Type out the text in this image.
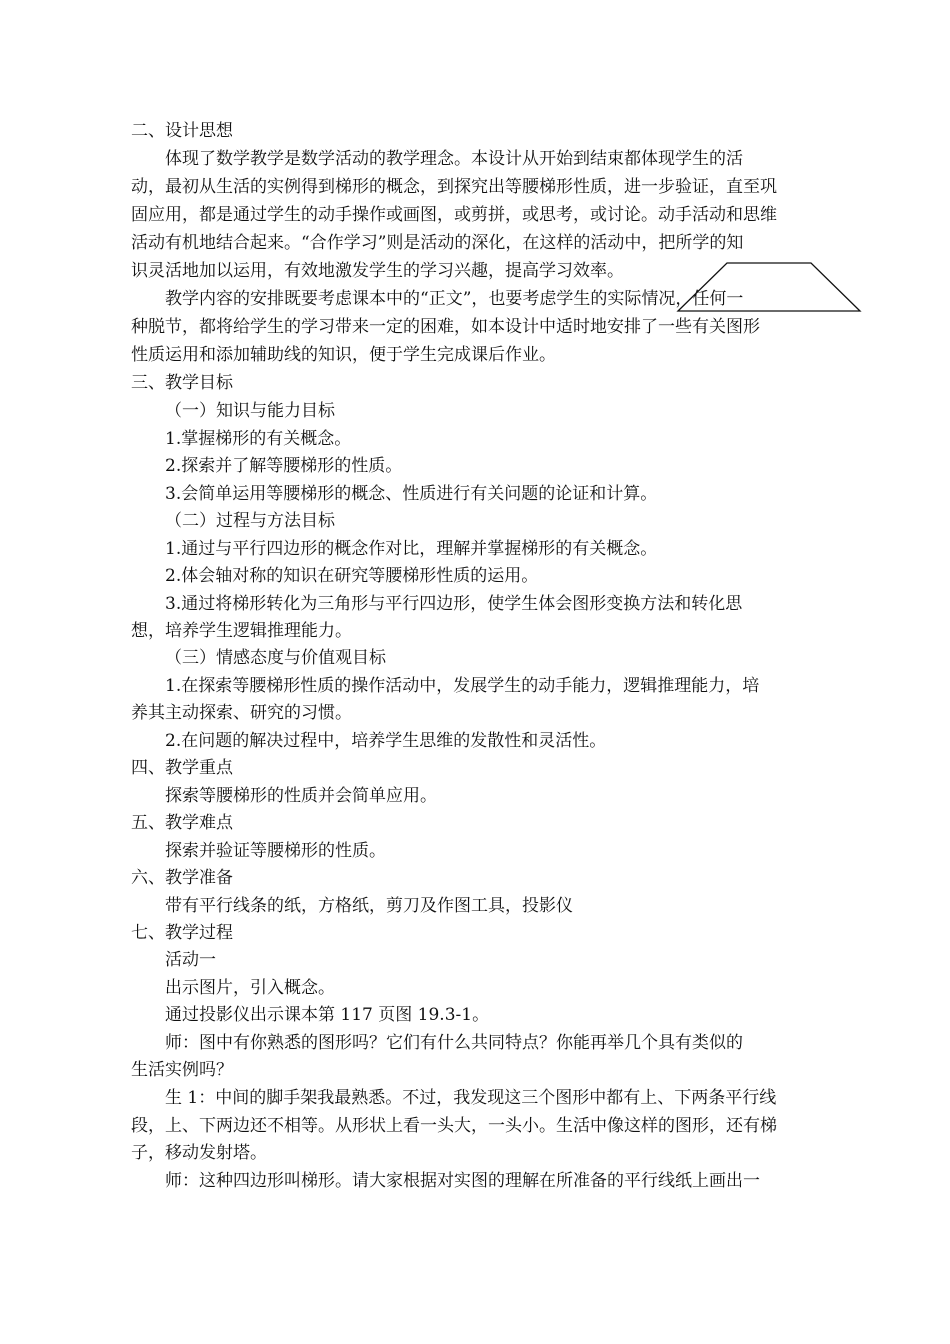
二、设计思想
体现了数学教学是数学活动的教学理念。本设计从开始到结束都体现学生的活
动，最初从生活的实例得到梯形的概念，到探究出等腰梯形性质，进一步验证，直至巩
固应用，都是通过学生的动手操作或画图，或剪拼，或思考，或讨论。动手活动和思维
活动有机地结合起来。“合作学习”则是活动的深化，在这样的活动中，把所学的知
识灵活地加以运用，有效地激发学生的学习兴趣，提高学习效率。
教学内容的安排既要考虑课本中的“正文”，也要考虑学生的实际情况，任何一
种脱节，都将给学生的学习带来一定的困难，如本设计中适时地安排了一些有关图形
性质运用和添加辅助线的知识，便于学生完成课后作业。
三、教学目标
（一）知识与能力目标
1.掌握梯形的有关概念。
2.探索并了解等腰梯形的性质。
3.会简单运用等腰梯形的概念、性质进行有关问题的论证和计算。
（二）过程与方法目标
1.通过与平行四边形的概念作对比，理解并掌握梯形的有关概念。
2.体会轴对称的知识在研究等腰梯形性质的运用。
3.通过将梯形转化为三角形与平行四边形，使学生体会图形变换方法和转化思
想，培养学生逻辑推理能力。
（三）情感态度与价值观目标
1.在探索等腰梯形性质的操作活动中，发展学生的动手能力，逻辑推理能力，培
养其主动探索、研究的习惯。
2.在问题的解决过程中，培养学生思维的发散性和灵活性。
四、教学重点
探索等腰梯形的性质并会简单应用。
五、教学难点
探索并验证等腰梯形的性质。
六、教学准备
带有平行线条的纸，方格纸，剪刀及作图工具，投影仪
七、教学过程
活动一
出示图片，引入概念。
通过投影仪出示课本第 117 页图 19.3-1。
师：图中有你熟悉的图形吗？它们有什么共同特点？你能再举几个具有类似的
生活实例吗？
生 1：中间的脚手架我最熟悉。不过，我发现这三个图形中都有上、下两条平行线
段，上、下两边还不相等。从形状上看一头大，一头小。生活中像这样的图形，还有梯
子，移动发射塔。
师：这种四边形叫梯形。请大家根据对实图的理解在所准备的平行线纸上画出一
